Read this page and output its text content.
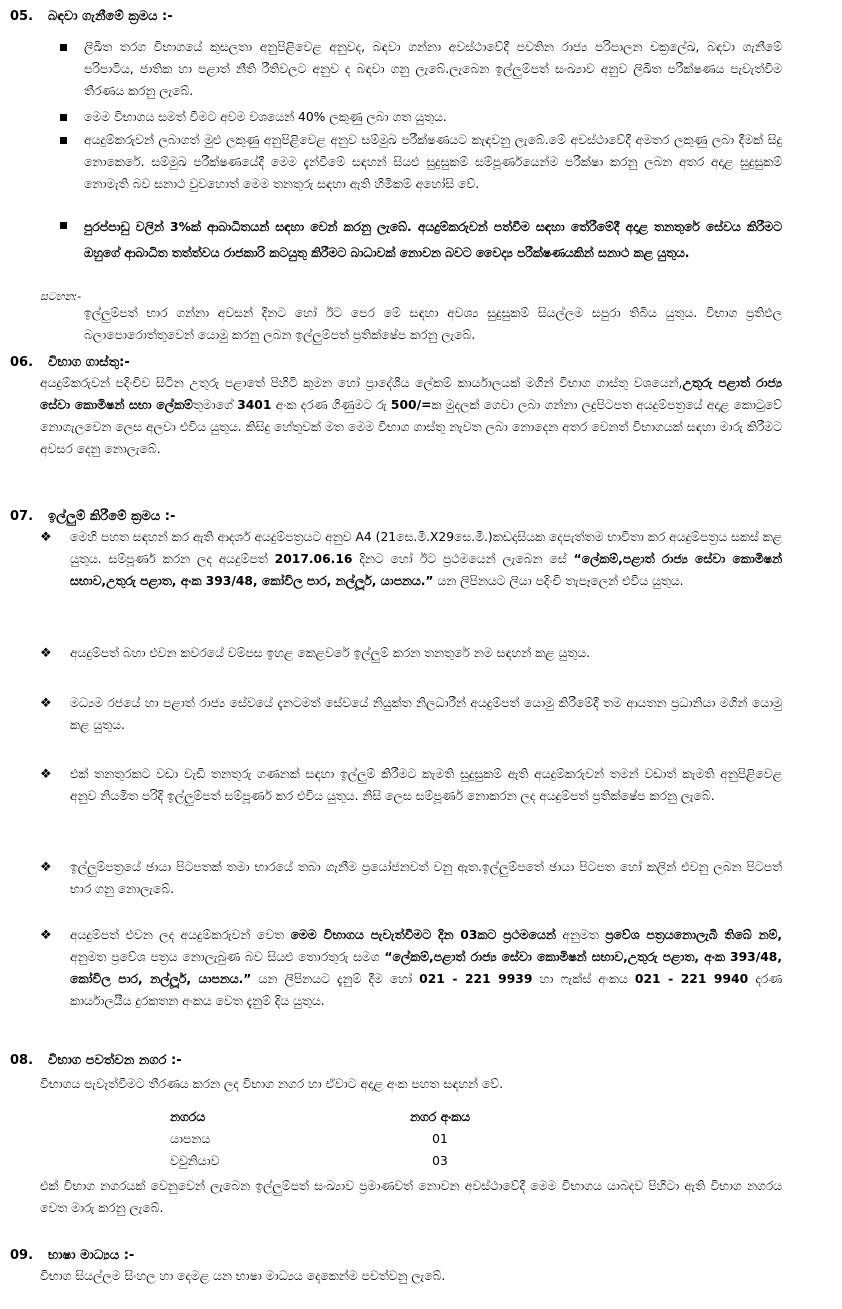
05. බඳවා ගැනීමේ ක්‍රමය :-
ලිඛිත තරග විභාගයේ කුසලතා අනුපිළිවෙළ අනුවද, බඳවා ගන්නා අවස්ථාවේදී පවතින රාජ්‍ය පරිපාලන චක්‍රලේඛ, බඳවා ගැනීමේ පරිපාටිය, ජාතික හා පළාත් නීති රීතිවලට අනුව ද බඳවා ගනු ලැබේ.ලැබෙන ඉල්ලුම්පත් සංඛ්‍යාව අනුව ලිඛිත පරීක්ෂණය පැවැත්වීම තීරණය කරනු ලැබේ.
මෙම විභාගය සමත් වීමට අවම වශයෙන් 40% ලකුණු ලබා ගත යුතුය.
අයදුම්කරුවන් ලබාගත් මුළු ලකුණු අනුපිළිවෙළ අනුව සම්මුඛ පරීක්ෂණයට කැඳවනු ලැබේ.මේ අවස්ථාවේදී අමතර ලකුණු ලබා දීමක් සිදු නොකෙරේ. සම්මුඛ පරීක්ෂණයේදී මෙම දැන්වීමේ සඳහන් සියළු සුදුසුකම් සම්පූර්ණයෙන්ම පරීක්ෂා කරනු ලබන අතර අදාළ සුදුසුකම් නොමැති බව සනාථ වුවහොත් මෙම තනතුරු සඳහා ඇති හිමිකම් අහෝසි වේ.
පුරප්පාඩු වලින් 3%ක් ආබාධිතයන් සඳහා වෙන් කරනු ලැබේ. අයදුම්කරුවන් පත්වීම සඳහා තේරීමේදී අදාළ තනතුරේ සේවය කිරීමට ඔහුගේ ආබාධිත තත්ත්වය රාජකාරි කටයුතු කිරීමට බාධාවක් නොවන බවට වෛද්‍ය පරීක්ෂණයකින් සනාථ කළ යුතුය.
සටහන:-
ඉල්ලුම්පත් භාර ගන්නා අවසන් දිනට හෝ ඊට පෙර මේ සඳහා අවශ්‍ය සුදුසුකම් සියල්ලම සපුරා තිබිය යුතුය. විභාග ප්‍රතිඵල බලාපොරොත්තුවෙන් යොමු කරනු ලබන ඉල්ලුම්පත් ප්‍රතික්ෂේප කරනු ලැබේ.
06. විභාග ගාස්තු:-
අයදුම්කරුවන් පදිංචිව සිටින උතුරු පළාතේ පිහිටි කුමන හෝ ප්‍රාදේශීය ලේකම් කාර්යාලයක් මගින් විභාග ගාස්තු වශයෙන්,උතුරු පළාත් රාජ්‍ය සේවා කොමිෂන් සභා ලේකම්තුමාගේ 3401 අංක දරණ ගිණුමට රු 500/=ක මුදලක් ගෙවා ලබා ගන්නා ලදුපිටපත අයදුම්පත්‍රයේ අදාළ කොටුවේ නොගැලවෙන ලෙස අලවා එවිය යුතුය. කිසිදු හේතුවක් මත මෙම විභාග ගාස්තු නැවත ලබා නොදෙන අතර වෙනත් විභාගයක් සඳහා මාරු කිරීමට අවසර දෙනු නොලැබේ.
07. ඉල්ලුම් කිරීමේ ක්‍රමය :-
❖ මෙහි පහත සඳහන් කර ඇති ආදර්ශ අයදුම්පත්‍රයට අනුව A4 (21සෙ.මී.X29සෙ.මී.)කඩදාසියක දෙපැත්තම භාවිතා කර අයදුම්පත්‍රය සකස් කළ යුතුය. සම්පූර්ණ කරන ලද අයදුම්පත් 2017.06.16 දිනට හෝ ඊට ප්‍රථමයෙන් ලැබෙන සේ “ලේකම්,පළාත් රාජ්‍ය සේවා කොමිෂන් සභාව,උතුරු පළාත, අංක 393/48, කෝවිල පාර, නල්ලූර්, යාපනය.” යන ලිපිනයට ලියා පදිංචි තැපෑලෙන් එවිය යුතුය.
❖ අයදුම්පත් බහා එවන කවරයේ වම්පස ඉහළ කෙළවරේ ඉල්ලුම් කරන තනතුරේ නම සඳහන් කළ යුතුය.
❖ මධ්‍යම රජයේ හා පළාත් රාජ්‍ය සේවයේ දැනටමත් සේවයේ නියුක්ත නිලධාරීන් අයදුම්පත් යොමු කිරීමේදී තම ආයතන ප්‍රධානියා මගින් යොමු කළ යුතුය.
❖ එක් තනතුරකට වඩා වැඩි තනතුරු ගණනක් සඳහා ඉල්ලුම් කිරීමට කැමති සුදුසුකම් ඇති අයදුම්කරුවන් තමන් වඩාත් කැමති අනුපිළිවෙළ අනුව නියමිත පරිදි ඉල්ලුම්පත් සම්පූර්ණ කර එවිය යුතුය. නිසි ලෙස සම්පූර්ණ නොකරන ලද අයදුම්පත් ප්‍රතික්ෂේප කරනු ලැබේ.
❖ ඉල්ලුම්පත්‍රයේ ඡායා පිටපතක් තමා භාරයේ තබා ගැනීම ප්‍රයෝජනවත් වනු ඇත.ඉල්ලුම්පතේ ඡායා පිටපත හෝ කලින් එවනු ලබන පිටපත් භාර ගනු නොලැබේ.
❖ අයදුම්පත් එවන ලද අයදුම්කරුවන් වෙත මෙම විභාගය පැවැත්වීමට දින 03කට ප්‍රථමයෙන් අනුමත ප්‍රවේශ පත්‍රයනොලැබී තිබේ නම්, අනුමත ප්‍රවේශ පත්‍රය නොලැබුණ බව සියළු තොරතුරු සමග “ලේකම්,පළාත් රාජ්‍ය සේවා කොමිෂන් සභාව,උතුරු පළාත, අංක 393/48, කෝවිල පාර, නල්ලූර්, යාපනය.” යන ලිපිනයට දැනුම් දීම හෝ 021 - 221 9939 හා ෆැක්ස් අංකය 021 - 221 9940 දරණ කාර්යාලයීය දුරකතන අංකය වෙත දැනුම් දිය යුතුය.
08. විභාග පවත්වන නගර :-
විභාගය පැවැත්වීමට තීරණය කරන ලද විභාග නගර හා ඒවාට අදාළ අංක පහත සඳහන් වේ.
නගරය	නගර අංකය
යාපනය	01
වවුනියාව	03
එක් විභාග නගරයක් වෙනුවෙන් ලැබෙන ඉල්ලුම්පත් සංඛ්‍යාව ප්‍රමාණවත් නොවන අවස්ථාවේදී මෙම විභාගය යාබදව පිහිටා ඇති විභාග නගරය වෙත මාරු කරනු ලැබේ.
09. භාෂා මාධ්‍යය :-
විභාග සියල්ලම සිංහල හා දෙමළ යන භාෂා මාධ්‍යය දෙකෙන්ම පවත්වනු ලැබේ.
